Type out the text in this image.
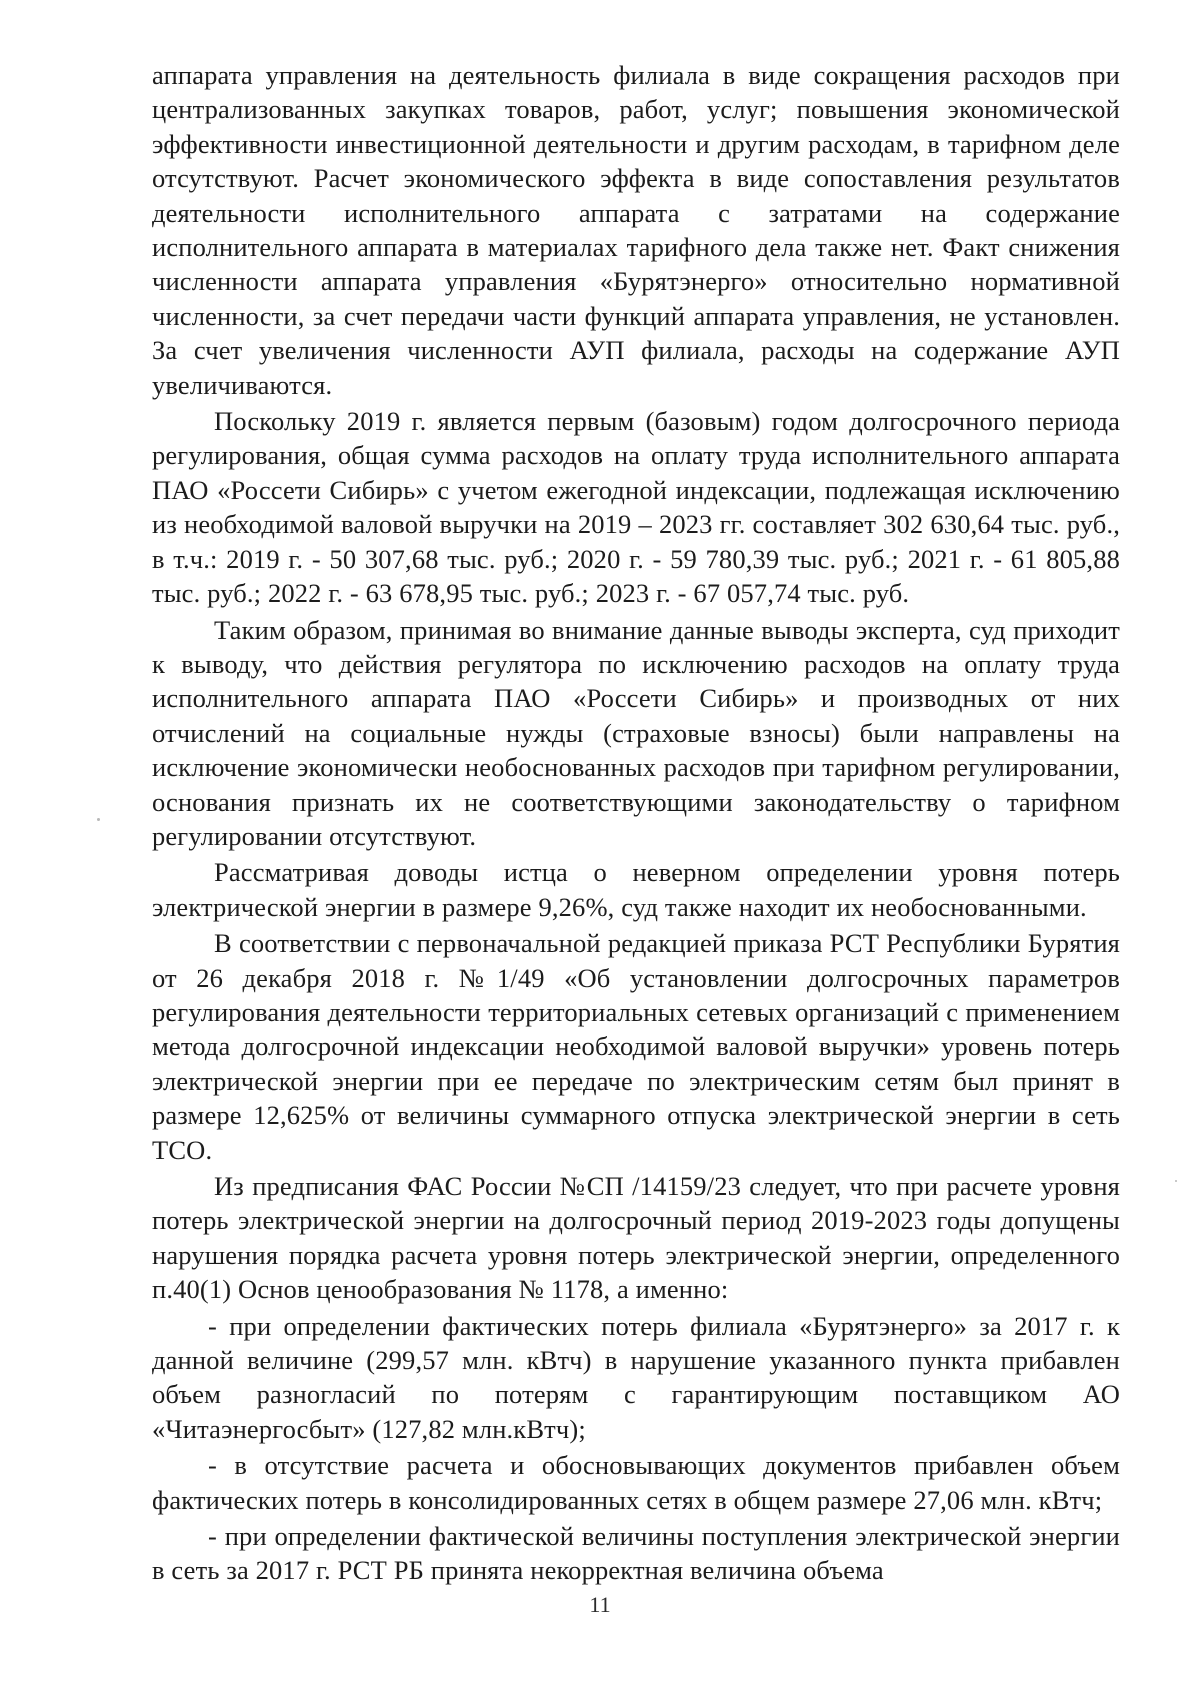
аппарата управления на деятельность филиала в виде сокращения расходов при централизованных закупках товаров, работ, услуг; повышения экономической эффективности инвестиционной деятельности и другим расходам, в тарифном деле отсутствуют. Расчет экономического эффекта в виде сопоставления результатов деятельности исполнительного аппарата с затратами на содержание исполнительного аппарата в материалах тарифного дела также нет. Факт снижения численности аппарата управления «Бурятэнерго» относительно нормативной численности, за счет передачи части функций аппарата управления, не установлен. За счет увеличения численности АУП филиала, расходы на содержание АУП увеличиваются.

Поскольку 2019 г. является первым (базовым) годом долгосрочного периода регулирования, общая сумма расходов на оплату труда исполнительного аппарата ПАО «Россети Сибирь» с учетом ежегодной индексации, подлежащая исключению из необходимой валовой выручки на 2019 – 2023 гг. составляет 302 630,64 тыс. руб., в т.ч.: 2019 г. - 50 307,68 тыс. руб.; 2020 г. - 59 780,39 тыс. руб.; 2021 г. - 61 805,88 тыс. руб.; 2022 г. - 63 678,95 тыс. руб.; 2023 г. - 67 057,74 тыс. руб.

Таким образом, принимая во внимание данные выводы эксперта, суд приходит к выводу, что действия регулятора по исключению расходов на оплату труда исполнительного аппарата ПАО «Россети Сибирь» и производных от них отчислений на социальные нужды (страховые взносы) были направлены на исключение экономически необоснованных расходов при тарифном регулировании, основания признать их не соответствующими законодательству о тарифном регулировании отсутствуют.

Рассматривая доводы истца о неверном определении уровня потерь электрической энергии в размере 9,26%, суд также находит их необоснованными.

В соответствии с первоначальной редакцией приказа РСТ Республики Бурятия от 26 декабря 2018 г. №1/49 «Об установлении долгосрочных параметров регулирования деятельности территориальных сетевых организаций с применением метода долгосрочной индексации необходимой валовой выручки» уровень потерь электрической энергии при ее передаче по электрическим сетям был принят в размере 12,625% от величины суммарного отпуска электрической энергии в сеть ТСО.

Из предписания ФАС России №СП /14159/23 следует, что при расчете уровня потерь электрической энергии на долгосрочный период 2019-2023 годы допущены нарушения порядка расчета уровня потерь электрической энергии, определенного п.40(1) Основ ценообразования № 1178, а именно:

- при определении фактических потерь филиала «Бурятэнерго» за 2017 г. к данной величине (299,57 млн. кВтч) в нарушение указанного пункта прибавлен объем разногласий по потерям с гарантирующим поставщиком АО «Читаэнергосбыт» (127,82 млн.кВтч);

- в отсутствие расчета и обосновывающих документов прибавлен объем фактических потерь в консолидированных сетях в общем размере 27,06 млн. кВтч;

- при определении фактической величины поступления электрической энергии в сеть за 2017 г. РСТ РБ принята некорректная величина объема

11
